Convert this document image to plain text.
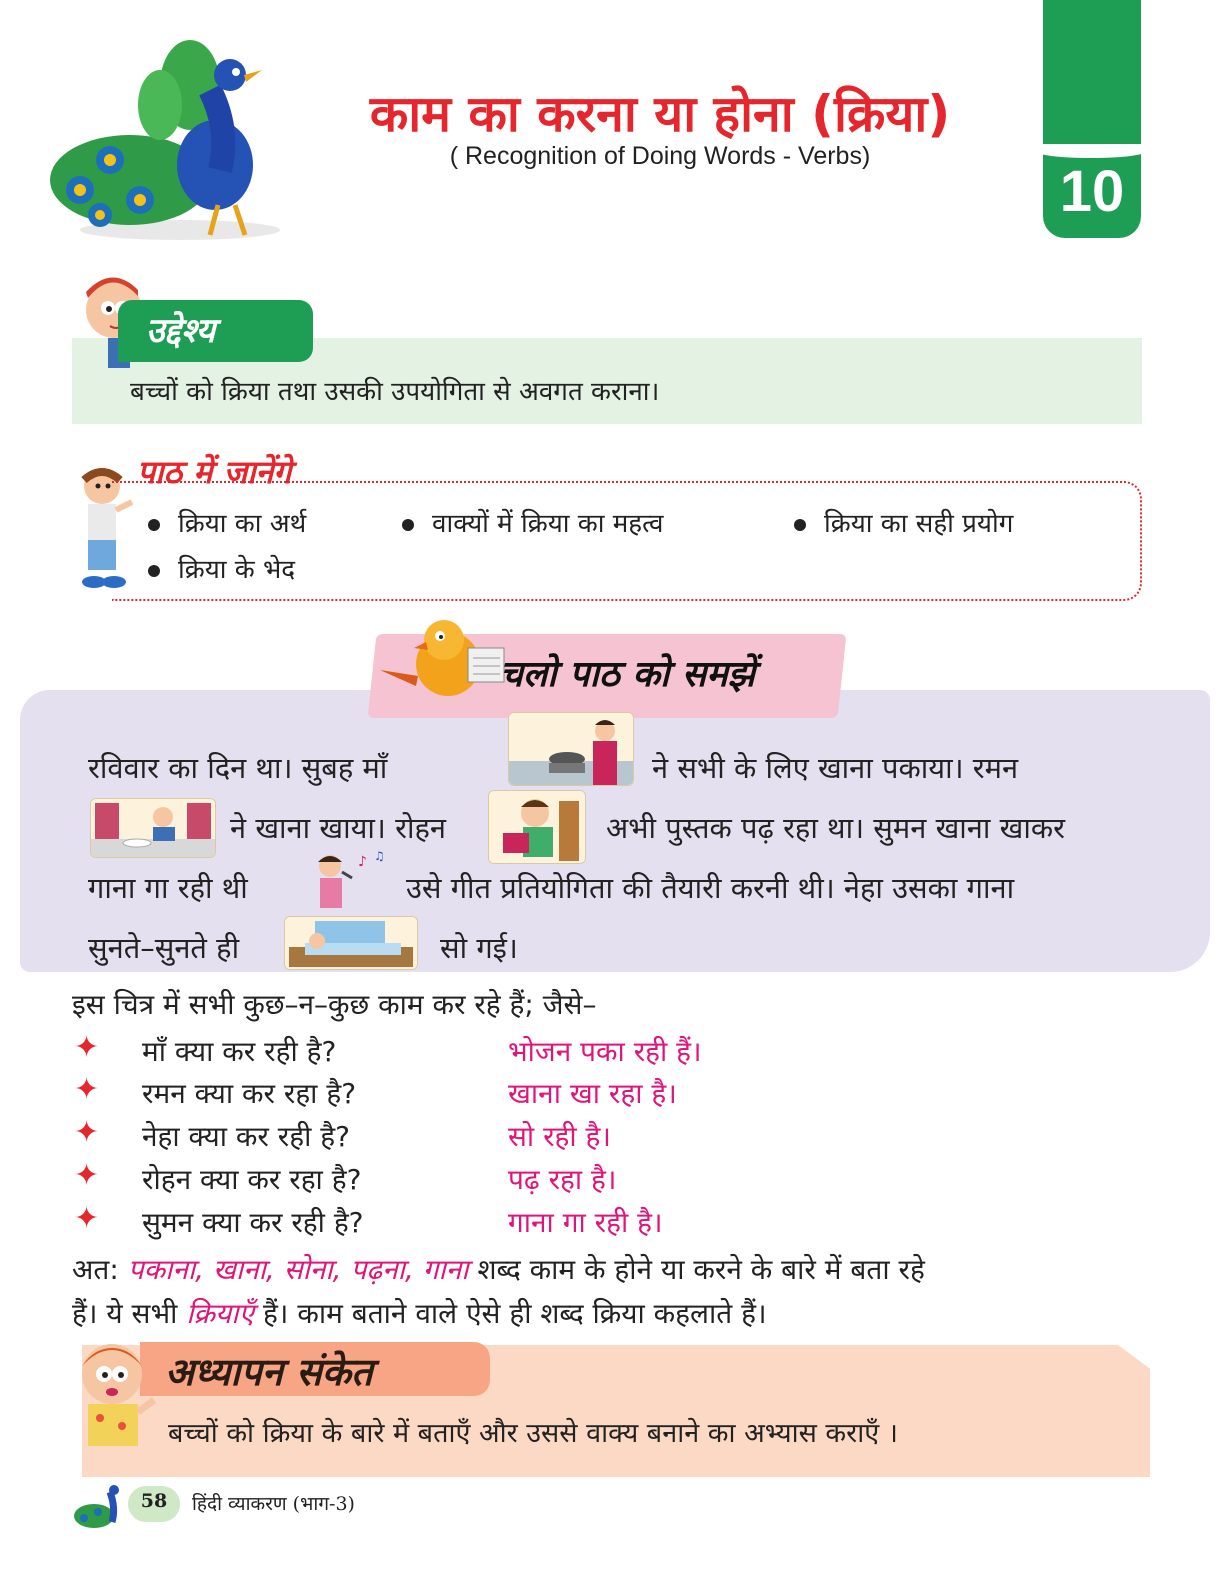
काम का करना या होना (क्रिया)
( Recognition of Doing Words - Verbs)
10
उद्देश्य
बच्चों को क्रिया तथा उसकी उपयोगिता से अवगत कराना।
पाठ में जानेंगे
क्रिया का अर्थ	वाक्यों में क्रिया का महत्व	क्रिया का सही प्रयोग
क्रिया के भेद
चलो पाठ को समझें
रविवार का दिन था। सुबह माँ	ने सभी के लिए खाना पकाया। रमन
ने खाना खाया। रोहन	अभी पुस्तक पढ़ रहा था। सुमन खाना खाकर
गाना गा रही थी
♪ ♫
उसे गीत प्रतियोगिता की तैयारी करनी थी। नेहा उसका गाना
सुनते–सुनते ही	सो गई।
इस चित्र में सभी कुछ–न–कुछ काम कर रहे हैं; जैसे–
✦ माँ क्या कर रही है?	भोजन पका रही हैं।
✦ रमन क्या कर रहा है?	खाना खा रहा है।
✦ नेहा क्या कर रही है?	सो रही है।
✦ रोहन क्या कर रहा है?	पढ़ रहा है।
✦ सुमन क्या कर रही है?	गाना गा रही है।
अत: पकाना, खाना, सोना, पढ़ना, गाना शब्द काम के होने या करने के बारे में बता रहे
हैं। ये सभी क्रियाएँ हैं। काम बताने वाले ऐसे ही शब्द क्रिया कहलाते हैं।
अध्यापन संकेत
बच्चों को क्रिया के बारे में बताएँ और उससे वाक्य बनाने का अभ्यास कराएँ ।
58	हिंदी व्याकरण (भाग-3)
